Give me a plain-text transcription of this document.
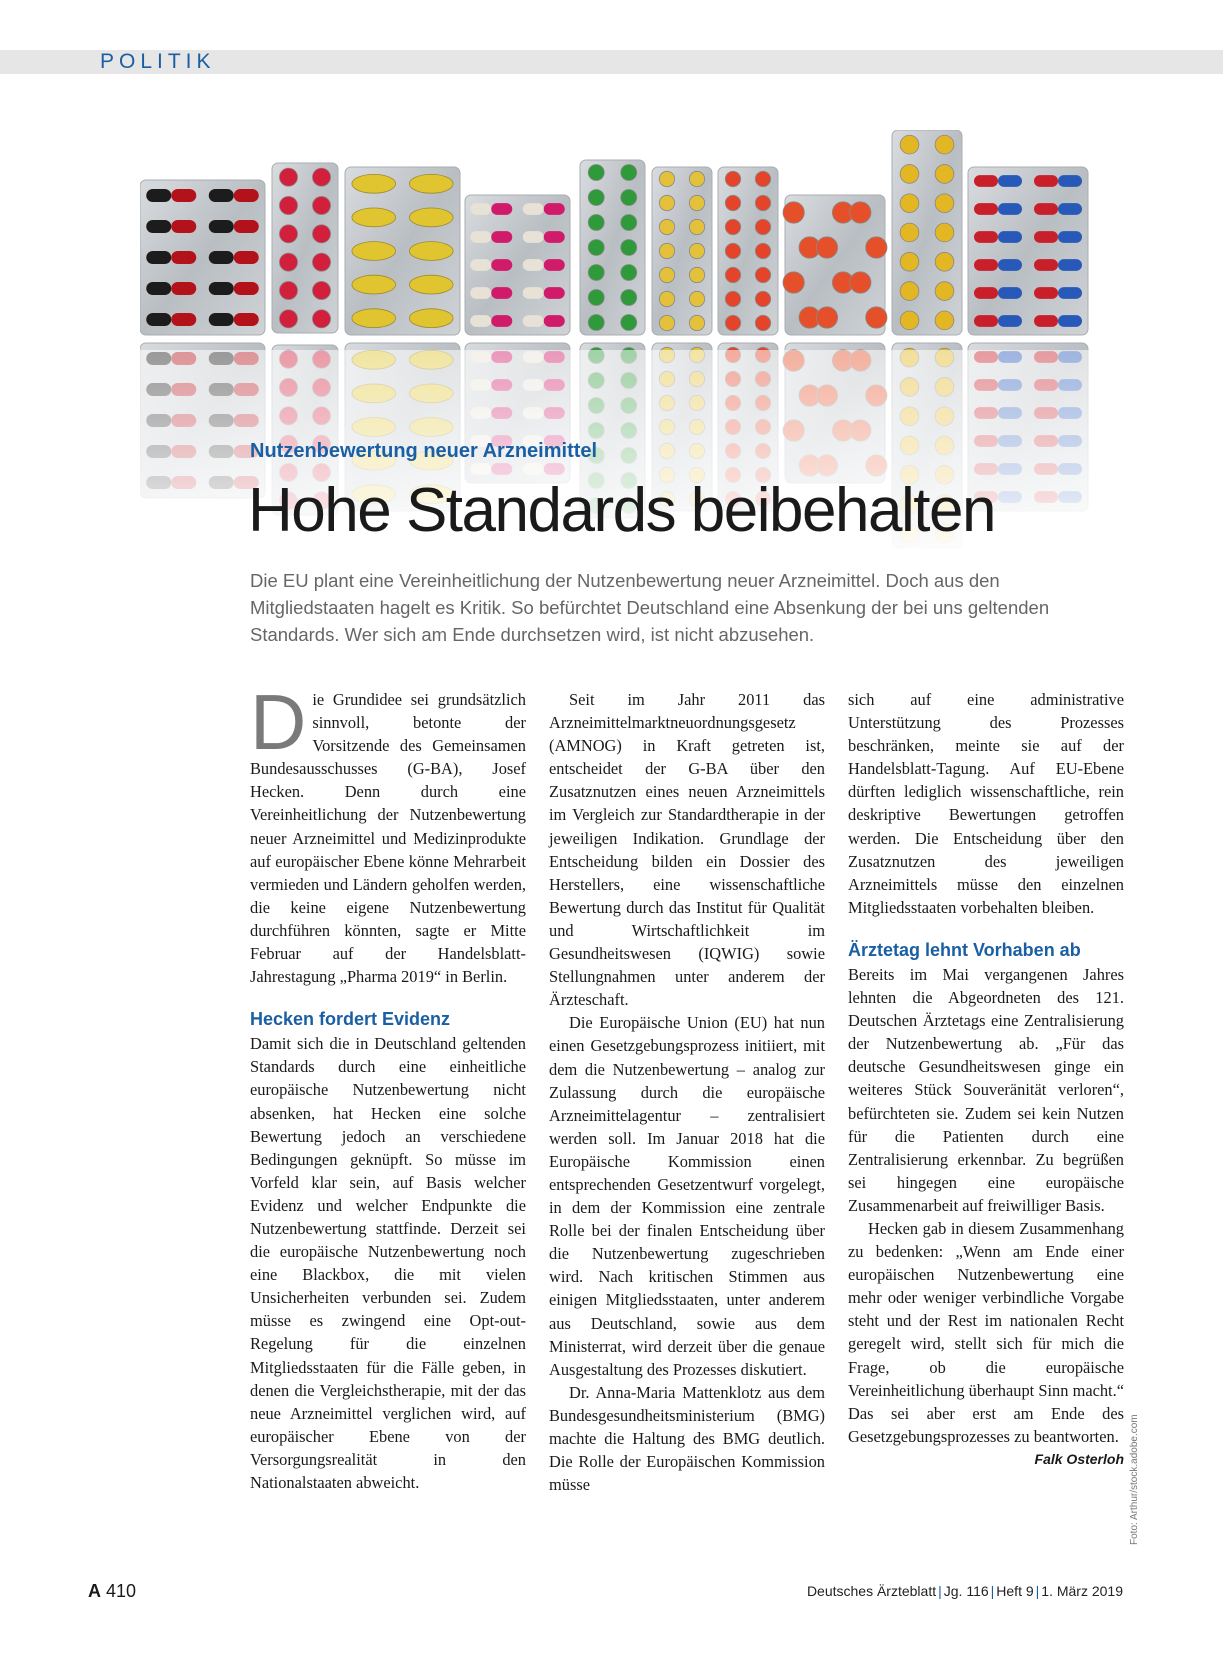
POLITIK
Nutzenbewertung neuer Arzneimittel
Hohe Standards beibehalten
Die EU plant eine Vereinheitlichung der Nutzenbewertung neuer Arzneimittel. Doch aus den Mitgliedstaaten hagelt es Kritik. So befürchtet Deutschland eine Absenkung der bei uns geltenden Standards. Wer sich am Ende durchsetzen wird, ist nicht abzusehen.
D ie Grundidee sei grundsätzlich sinnvoll, betonte der Vorsitzende des Gemeinsamen Bundesausschusses (G-BA), Josef Hecken. Denn durch eine Vereinheitlichung der Nutzenbewertung neuer Arzneimittel und Medizinprodukte auf europäischer Ebene könne Mehrarbeit vermieden und Ländern geholfen werden, die keine eigene Nutzenbewertung durchführen könnten, sagte er Mitte Februar auf der Handelsblatt-Jahrestagung „Pharma 2019“ in Berlin.

Hecken fordert Evidenz

Damit sich die in Deutschland geltenden Standards durch eine einheitliche europäische Nutzenbewertung nicht absenken, hat Hecken eine solche Bewertung jedoch an verschiedene Bedingungen geknüpft. So müsse im Vorfeld klar sein, auf Basis welcher Evidenz und welcher Endpunkte die Nutzenbewertung stattfinde. Derzeit sei die europäische Nutzenbewertung noch eine Blackbox, die mit vielen Unsicherheiten verbunden sei. Zudem müsse es zwingend eine Opt-out-Regelung für die einzelnen Mitgliedsstaaten für die Fälle geben, in denen die Vergleichstherapie, mit der das neue Arzneimittel verglichen wird, auf europäischer Ebene von der Versorgungsrealität in den Nationalstaaten abweicht.

Seit im Jahr 2011 das Arzneimittelmarktneuordnungsgesetz (AMNOG) in Kraft getreten ist, entscheidet der G-BA über den Zusatznutzen eines neuen Arzneimittels im Vergleich zur Standardtherapie in der jeweiligen Indikation. Grundlage der Entscheidung bilden ein Dossier des Herstellers, eine wissenschaftliche Bewertung durch das Institut für Qualität und Wirtschaftlichkeit im Gesundheitswesen (IQWIG) sowie Stellungnahmen unter anderem der Ärzteschaft.

Die Europäische Union (EU) hat nun einen Gesetzgebungsprozess initiiert, mit dem die Nutzenbewertung – analog zur Zulassung durch die europäische Arzneimittelagentur – zentralisiert werden soll. Im Januar 2018 hat die Europäische Kommission einen entsprechenden Gesetzentwurf vorgelegt, in dem der Kommission eine zentrale Rolle bei der finalen Entscheidung über die Nutzenbewertung zugeschrieben wird. Nach kritischen Stimmen aus einigen Mitgliedsstaaten, unter anderem aus Deutschland, sowie aus dem Ministerrat, wird derzeit über die genaue Ausgestaltung des Prozesses diskutiert.

Dr. Anna-Maria Mattenklotz aus dem Bundesgesundheitsministerium (BMG) machte die Haltung des BMG deutlich. Die Rolle der Europäischen Kommission müsse

sich auf eine administrative Unterstützung des Prozesses beschränken, meinte sie auf der Handelsblatt-Tagung. Auf EU-Ebene dürften lediglich wissenschaftliche, rein deskriptive Bewertungen getroffen werden. Die Entscheidung über den Zusatznutzen des jeweiligen Arzneimittels müsse den einzelnen Mitgliedsstaaten vorbehalten bleiben.

Ärztetag lehnt Vorhaben ab

Bereits im Mai vergangenen Jahres lehnten die Abgeordneten des 121. Deutschen Ärztetags eine Zentralisierung der Nutzenbewertung ab. „Für das deutsche Gesundheitswesen ginge ein weiteres Stück Souveränität verloren“, befürchteten sie. Zudem sei kein Nutzen für die Patienten durch eine Zentralisierung erkennbar. Zu begrüßen sei hingegen eine europäische Zusammenarbeit auf freiwilliger Basis.

Hecken gab in diesem Zusammenhang zu bedenken: „Wenn am Ende einer europäischen Nutzenbewertung eine mehr oder weniger verbindliche Vorgabe steht und der Rest im nationalen Recht geregelt wird, stellt sich für mich die Frage, ob die europäische Vereinheitlichung überhaupt Sinn macht.“ Das sei aber erst am Ende des Gesetzgebungsprozesses zu beantworten.
Falk Osterloh Foto: Arthur/stock.adobe.com
A 410	Deutsches Ärzteblatt | Jg. 116 | Heft 9 | 1. März 2019
